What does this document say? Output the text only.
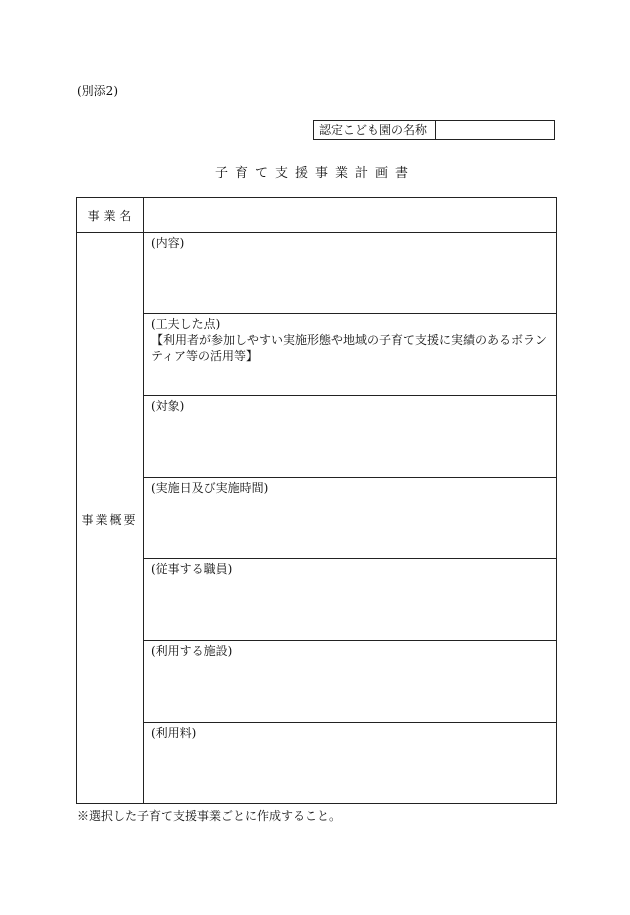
(別添2)
認定こども園の名称
子育て支援事業計画書
事 業 名
事業概要
(内容)
(工夫した点)
【利用者が参加しやすい実施形態や地域の子育て支援に実績のあるボランティア等の活用等】
(対象)
(実施日及び実施時間)
(従事する職員)
(利用する施設)
(利用料)
※選択した子育て支援事業ごとに作成すること。
